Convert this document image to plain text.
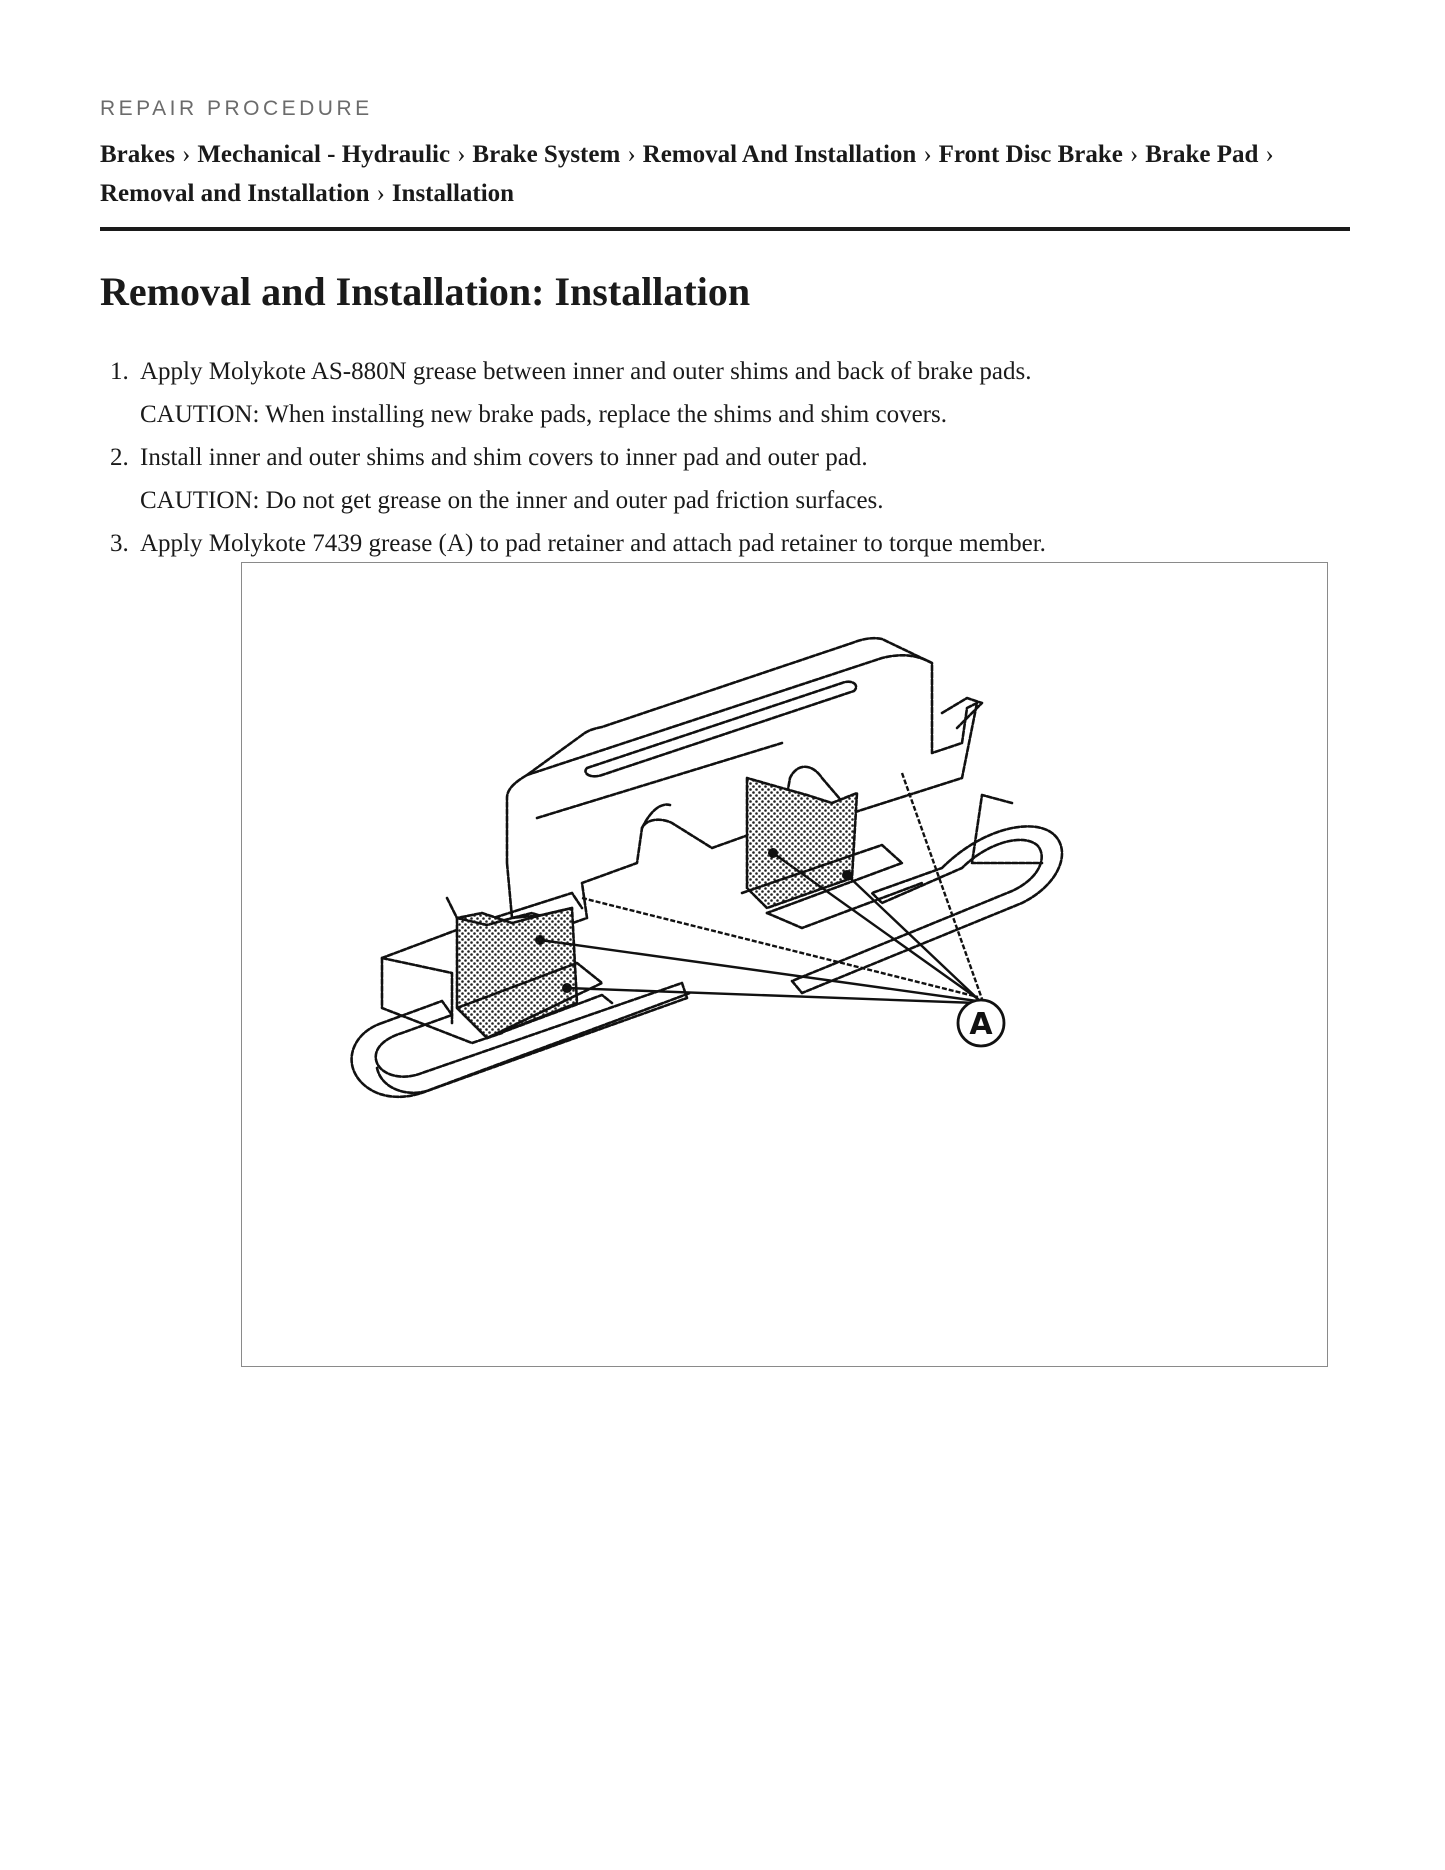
REPAIR PROCEDURE
Brakes › Mechanical - Hydraulic › Brake System › Removal And Installation › Front Disc Brake › Brake Pad ›
Removal and Installation › Installation
Removal and Installation: Installation
1. Apply Molykote AS-880N grease between inner and outer shims and back of brake pads.
CAUTION: When installing new brake pads, replace the shims and shim covers.
2. Install inner and outer shims and shim covers to inner pad and outer pad.
CAUTION: Do not get grease on the inner and outer pad friction surfaces.
3. Apply Molykote 7439 grease (A) to pad retainer and attach pad retainer to torque member.
A
